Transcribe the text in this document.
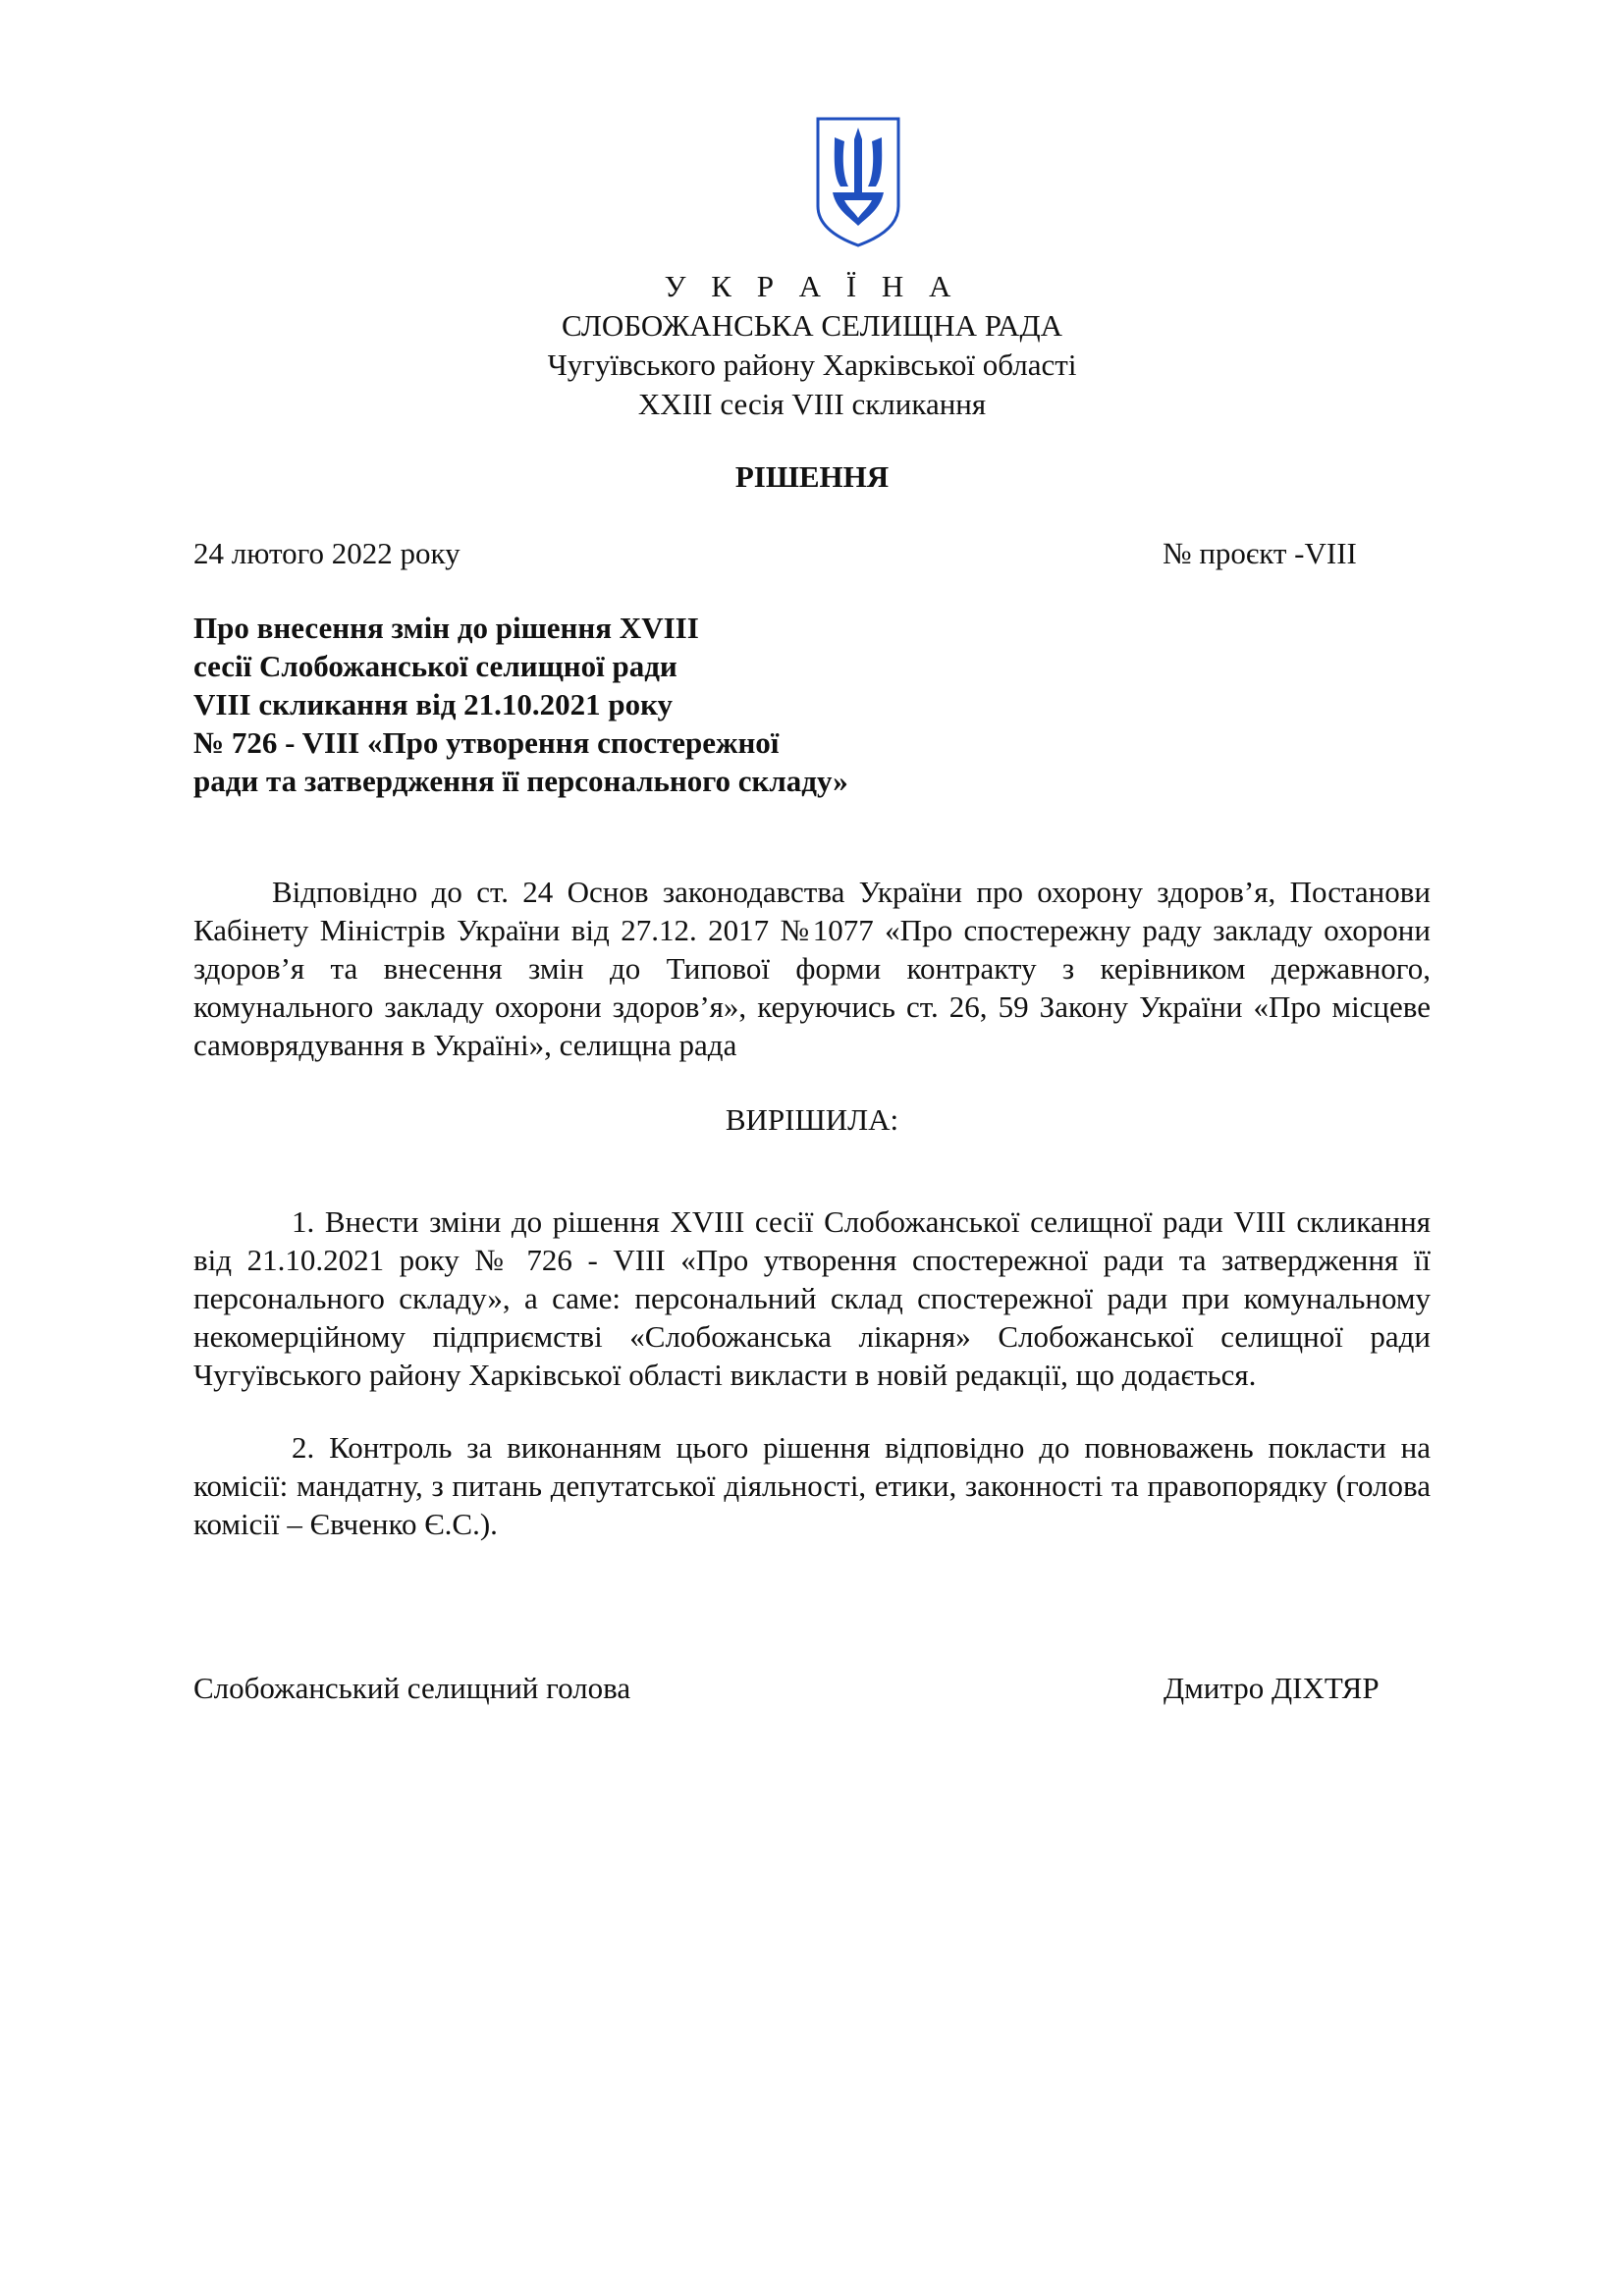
У К Р А Ї Н А
СЛОБОЖАНСЬКА СЕЛИЩНА РАДА
Чугуївського району Харківської області
XXIII сесія VIII скликання
РІШЕННЯ
24 лютого 2022 року	№ проєкт -VIII
Про внесення змін до рішення XVIII
сесії Слобожанської селищної ради
VIII скликання від 21.10.2021 року
№ 726 - VIII «Про утворення спостережної
ради та затвердження її персонального складу»
Відповідно до ст. 24 Основ законодавства України про охорону здоров’я, Постанови
Кабінету Міністрів України від 27.12. 2017 №1077 «Про спостережну раду закладу охорони
здоров’я та внесення змін до Типової форми контракту з керівником державного,
комунального закладу охорони здоров’я», керуючись ст. 26, 59 Закону України «Про місцеве
самоврядування в Україні», селищна рада
ВИРІШИЛА:
1. Внести зміни до рішення XVIII сесії Слобожанської селищної ради VIII скликання
від 21.10.2021 року № 726 - VIII «Про утворення спостережної ради та затвердження її
персонального складу», а саме: персональний склад спостережної ради при комунальному
некомерційному підприємстві «Слобожанська лікарня» Слобожанської селищної ради
Чугуївського району Харківської області викласти в новій редакції, що додається.
2. Контроль за виконанням цього рішення відповідно до повноважень покласти на
комісії: мандатну, з питань депутатської діяльності, етики, законності та правопорядку (голова
комісії – Євченко Є.С.).
Слобожанський селищний голова	Дмитро ДІХТЯР
